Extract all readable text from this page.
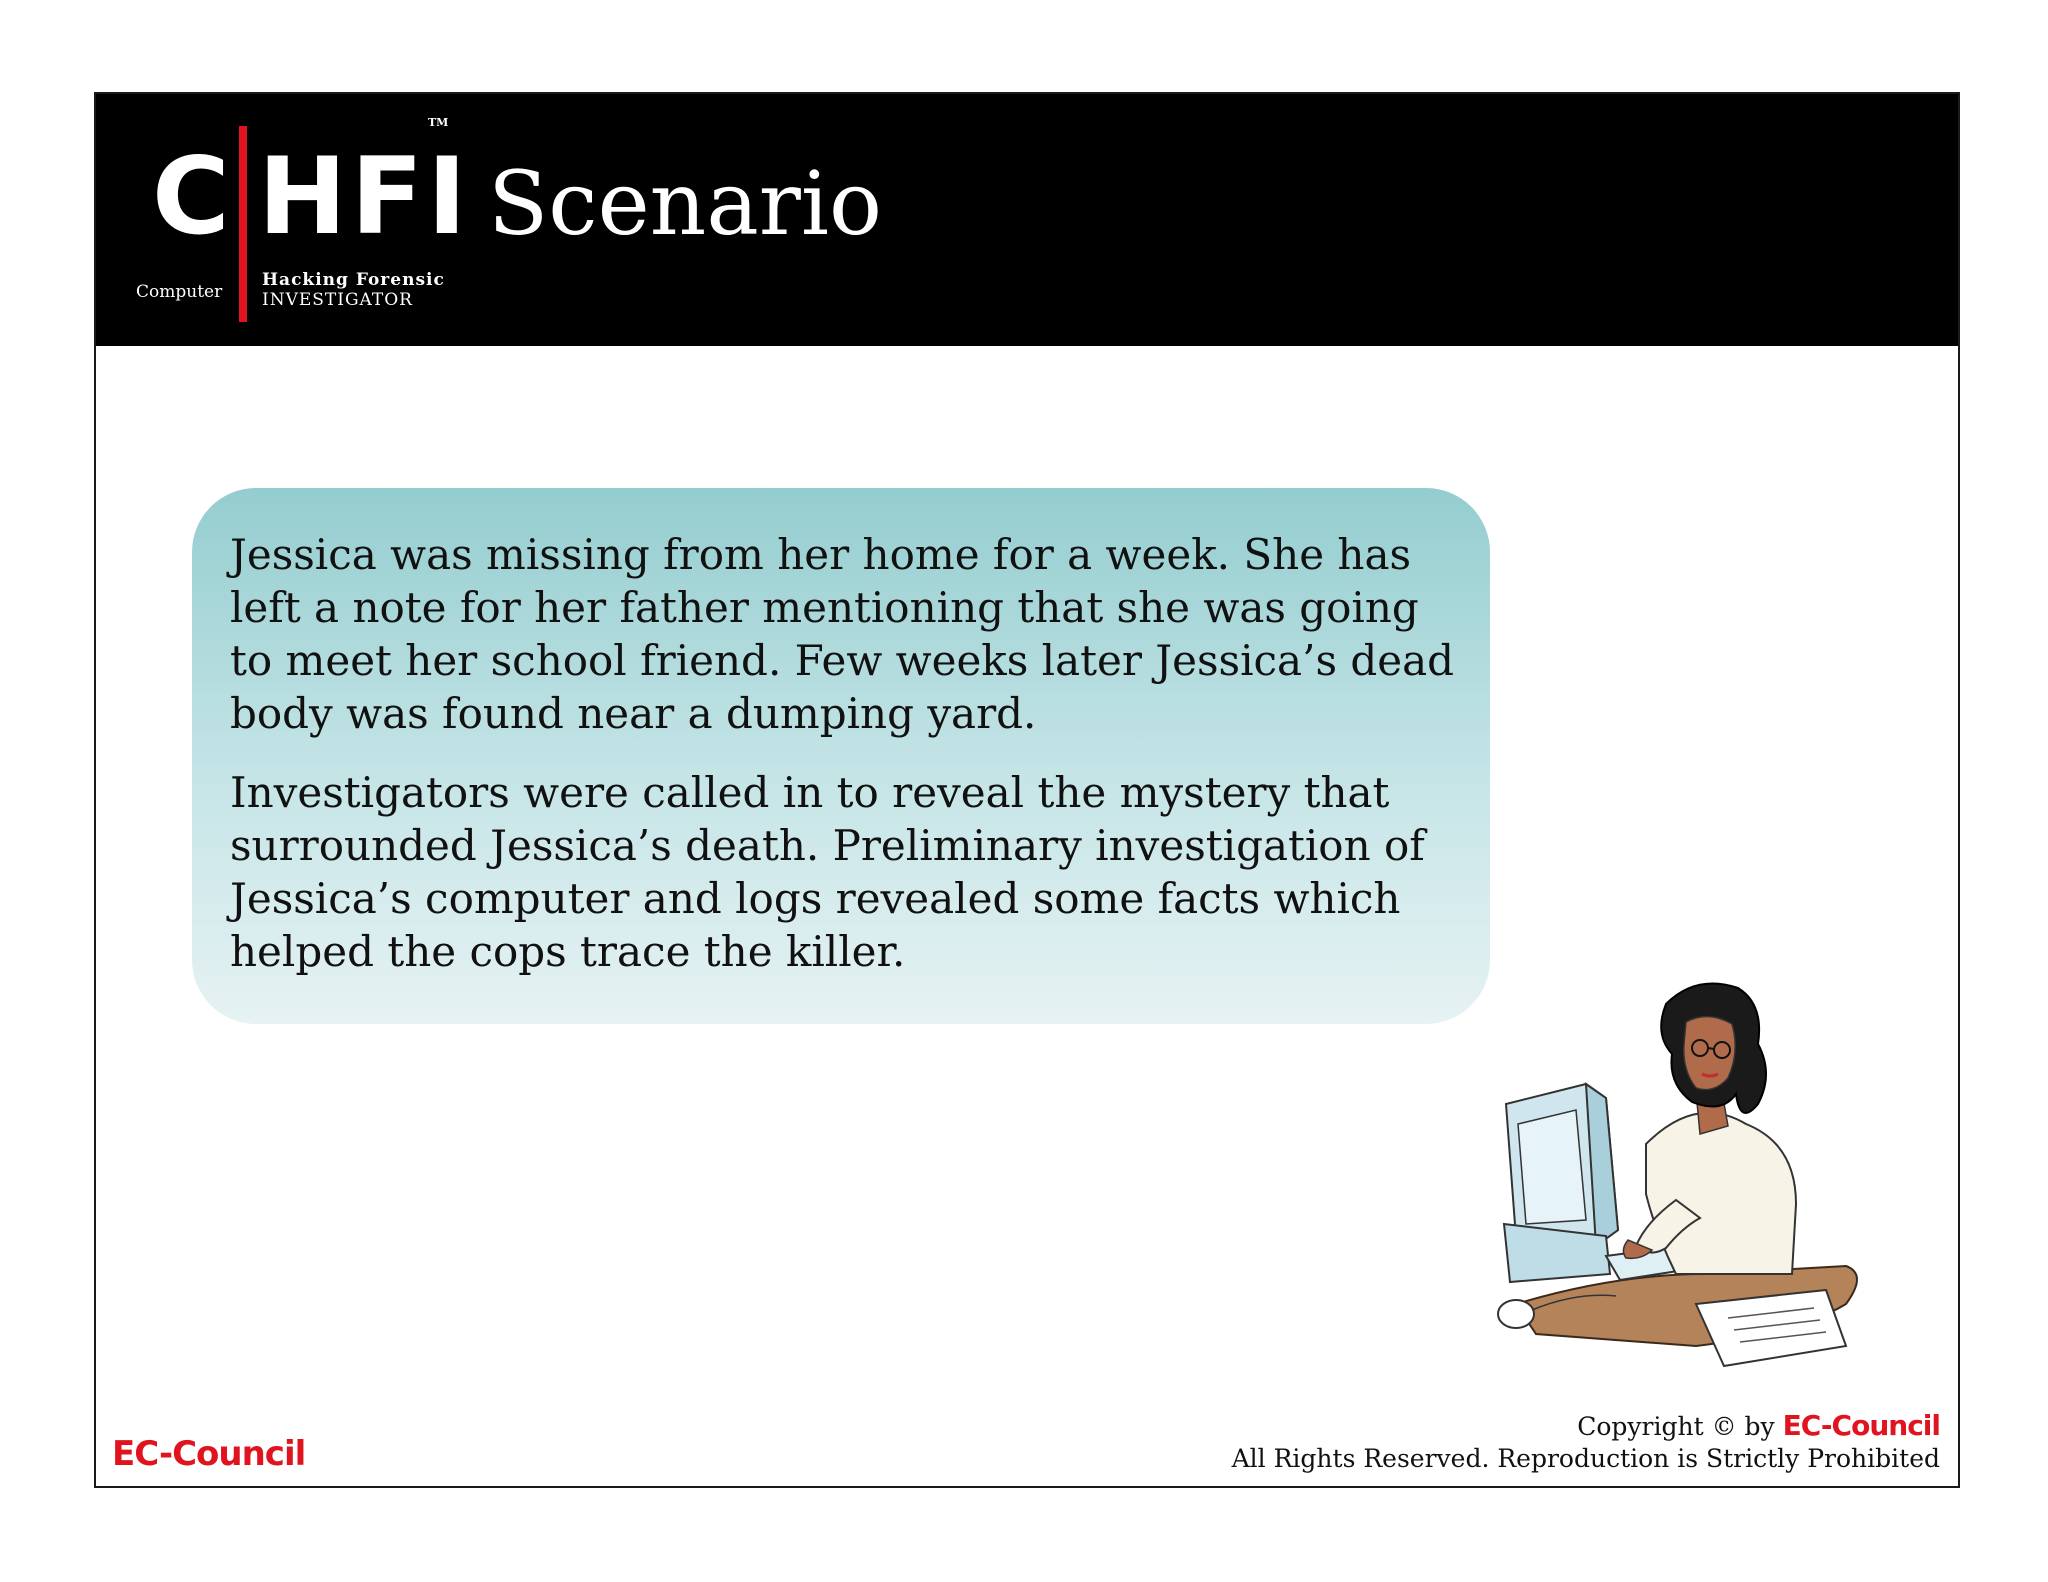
C HFI
TM
Computer
Hacking Forensic
INVESTIGATOR
Scenario

Jessica was missing from her home for a week. She has left a note for her father mentioning that she was going to meet her school friend. Few weeks later Jessica’s dead body was found near a dumping yard.

Investigators were called in to reveal the mystery that surrounded Jessica’s death. Preliminary investigation of Jessica’s computer and logs revealed some facts which helped the cops trace the killer.

EC-Council
Copyright © by EC-Council
All Rights Reserved. Reproduction is Strictly Prohibited
